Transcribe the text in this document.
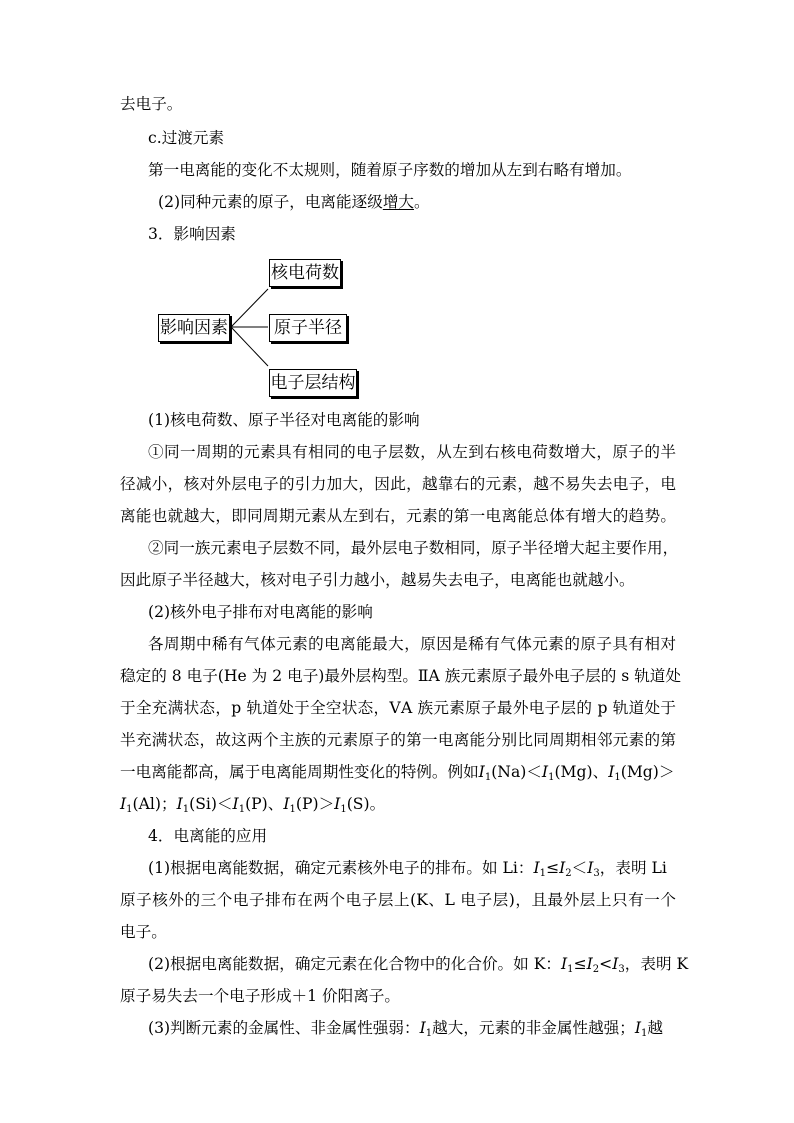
去电子。
c.过渡元素
第一电离能的变化不太规则，随着原子序数的增加从左到右略有增加。
(2)同种元素的原子，电离能逐级增大。
3．影响因素
影响因素
核电荷数
原子半径
电子层结构
(1)核电荷数、原子半径对电离能的影响
①同一周期的元素具有相同的电子层数，从左到右核电荷数增大，原子的半
径减小，核对外层电子的引力加大，因此，越靠右的元素，越不易失去电子，电
离能也就越大，即同周期元素从左到右，元素的第一电离能总体有增大的趋势。
②同一族元素电子层数不同，最外层电子数相同，原子半径增大起主要作用，
因此原子半径越大，核对电子引力越小，越易失去电子，电离能也就越小。
(2)核外电子排布对电离能的影响
各周期中稀有气体元素的电离能最大，原因是稀有气体元素的原子具有相对
稳定的 8 电子(He 为 2 电子)最外层构型。ⅡA 族元素原子最外电子层的 s 轨道处
于全充满状态，p 轨道处于全空状态，ⅤA 族元素原子最外电子层的 p 轨道处于
半充满状态，故这两个主族的元素原子的第一电离能分别比同周期相邻元素的第
一电离能都高，属于电离能周期性变化的特例。例如$I_1(Na)<I_1(Mg)$、$I_1(Mg)>$
$I_1(Al)$；$I_1(Si)<I_1(P)$、$I_1(P)>I_1(S)$。
4．电离能的应用
(1)根据电离能数据，确定元素核外电子的排布。如 Li：$I_1\le I_2<I_3$，表明 Li
原子核外的三个电子排布在两个电子层上(K、L 电子层)，且最外层上只有一个
电子。
(2)根据电离能数据，确定元素在化合物中的化合价。如 K：$I_1\le I_2<I_3$，表明 K
原子易失去一个电子形成＋1 价阳离子。
(3)判断元素的金属性、非金属性强弱：$I_1$越大，元素的非金属性越强；$I_1$越
